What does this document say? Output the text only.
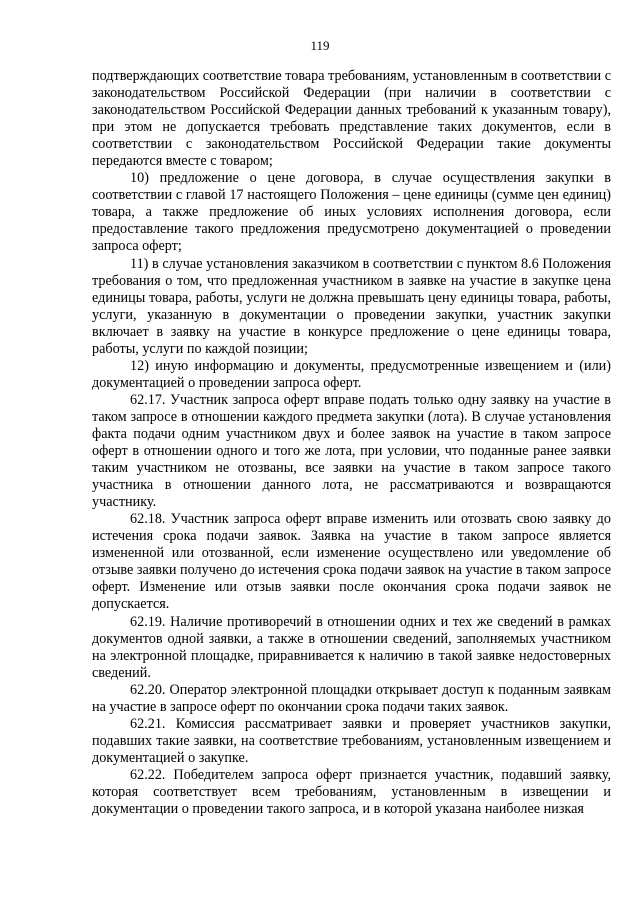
119

подтверждающих соответствие товара требованиям, установленным в соответствии с законодательством Российской Федерации (при наличии в соответствии с законодательством Российской Федерации данных требований к указанным товару), при этом не допускается требовать представление таких документов, если в соответствии с законодательством Российской Федерации такие документы передаются вместе с товаром;

10) предложение о цене договора, в случае осуществления закупки в соответствии с главой 17 настоящего Положения – цене единицы (сумме цен единиц) товара, а также предложение об иных условиях исполнения договора, если предоставление такого предложения предусмотрено документацией о проведении запроса оферт;

11) в случае установления заказчиком в соответствии с пунктом 8.6 Положения требования о том, что предложенная участником в заявке на участие в закупке цена единицы товара, работы, услуги не должна превышать цену единицы товара, работы, услуги, указанную в документации о проведении закупки, участник закупки включает в заявку на участие в конкурсе предложение о цене единицы товара, работы, услуги по каждой позиции;

12) иную информацию и документы, предусмотренные извещением и (или) документацией о проведении запроса оферт.

62.17. Участник запроса оферт вправе подать только одну заявку на участие в таком запросе в отношении каждого предмета закупки (лота). В случае установления факта подачи одним участником двух и более заявок на участие в таком запросе оферт в отношении одного и того же лота, при условии, что поданные ранее заявки таким участником не отозваны, все заявки на участие в таком запросе такого участника в отношении данного лота, не рассматриваются и возвращаются участнику.

62.18. Участник запроса оферт вправе изменить или отозвать свою заявку до истечения срока подачи заявок. Заявка на участие в таком запросе является измененной или отозванной, если изменение осуществлено или уведомление об отзыве заявки получено до истечения срока подачи заявок на участие в таком запросе оферт. Изменение или отзыв заявки после окончания срока подачи заявок не допускается.

62.19. Наличие противоречий в отношении одних и тех же сведений в рамках документов одной заявки, а также в отношении сведений, заполняемых участником на электронной площадке, приравнивается к наличию в такой заявке недостоверных сведений.

62.20. Оператор электронной площадки открывает доступ к поданным заявкам на участие в запросе оферт по окончании срока подачи таких заявок.

62.21. Комиссия рассматривает заявки и проверяет участников закупки, подавших такие заявки, на соответствие требованиям, установленным извещением и документацией о закупке.

62.22. Победителем запроса оферт признается участник, подавший заявку, которая соответствует всем требованиям, установленным в извещении и документации о проведении такого запроса, и в которой указана наиболее низкая
